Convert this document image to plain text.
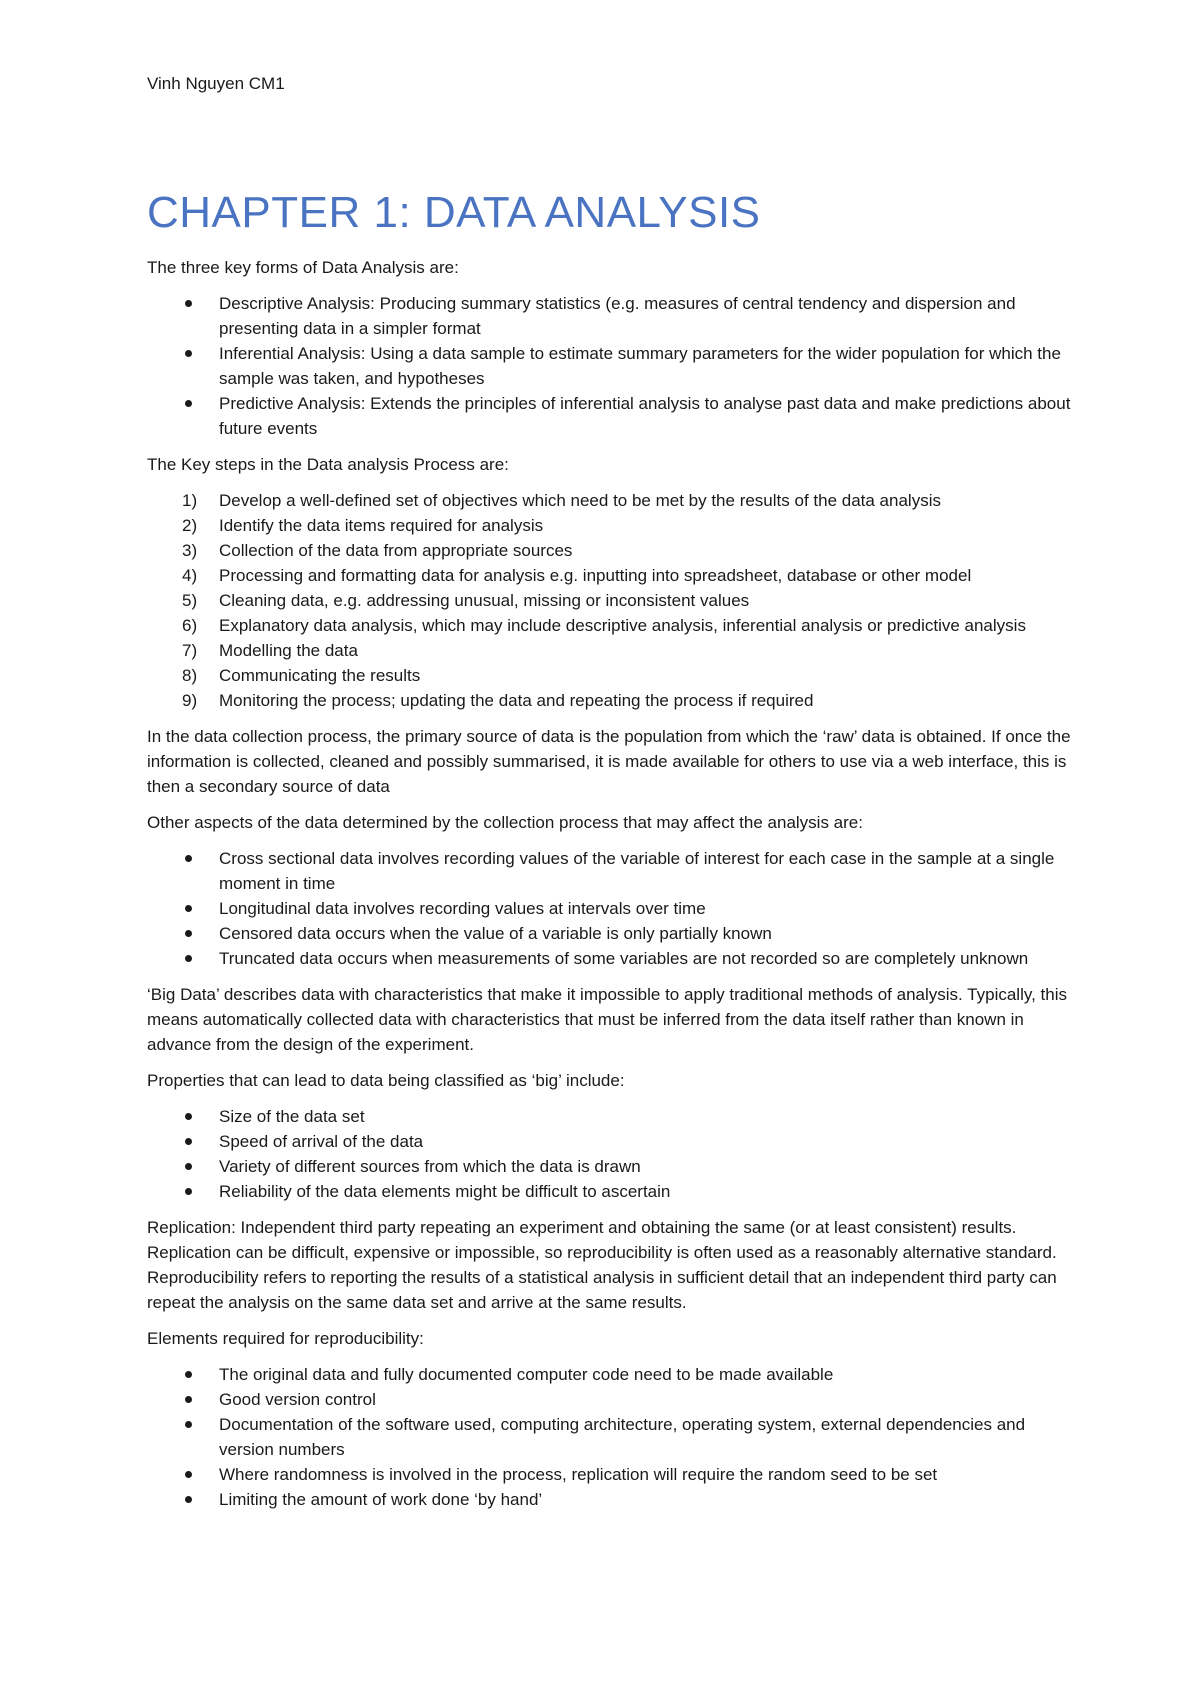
Vinh Nguyen CM1
CHAPTER 1: DATA ANALYSIS

The three key forms of Data Analysis are:

Descriptive Analysis: Producing summary statistics (e.g. measures of central tendency and dispersion and presenting data in a simpler format
Inferential Analysis: Using a data sample to estimate summary parameters for the wider population for which the sample was taken, and hypotheses
Predictive Analysis: Extends the principles of inferential analysis to analyse past data and make predictions about future events

The Key steps in the Data analysis Process are:

1) Develop a well-defined set of objectives which need to be met by the results of the data analysis
2) Identify the data items required for analysis
3) Collection of the data from appropriate sources
4) Processing and formatting data for analysis e.g. inputting into spreadsheet, database or other model
5) Cleaning data, e.g. addressing unusual, missing or inconsistent values
6) Explanatory data analysis, which may include descriptive analysis, inferential analysis or predictive analysis
7) Modelling the data
8) Communicating the results
9) Monitoring the process; updating the data and repeating the process if required

In the data collection process, the primary source of data is the population from which the ‘raw’ data is obtained. If once the information is collected, cleaned and possibly summarised, it is made available for others to use via a web interface, this is then a secondary source of data

Other aspects of the data determined by the collection process that may affect the analysis are:

Cross sectional data involves recording values of the variable of interest for each case in the sample at a single moment in time
Longitudinal data involves recording values at intervals over time
Censored data occurs when the value of a variable is only partially known
Truncated data occurs when measurements of some variables are not recorded so are completely unknown

‘Big Data’ describes data with characteristics that make it impossible to apply traditional methods of analysis. Typically, this means automatically collected data with characteristics that must be inferred from the data itself rather than known in advance from the design of the experiment.

Properties that can lead to data being classified as ‘big’ include:

Size of the data set
Speed of arrival of the data
Variety of different sources from which the data is drawn
Reliability of the data elements might be difficult to ascertain

Replication: Independent third party repeating an experiment and obtaining the same (or at least consistent) results. Replication can be difficult, expensive or impossible, so reproducibility is often used as a reasonably alternative standard. Reproducibility refers to reporting the results of a statistical analysis in sufficient detail that an independent third party can repeat the analysis on the same data set and arrive at the same results.

Elements required for reproducibility:

The original data and fully documented computer code need to be made available
Good version control
Documentation of the software used, computing architecture, operating system, external dependencies and version numbers
Where randomness is involved in the process, replication will require the random seed to be set
Limiting the amount of work done ‘by hand’
